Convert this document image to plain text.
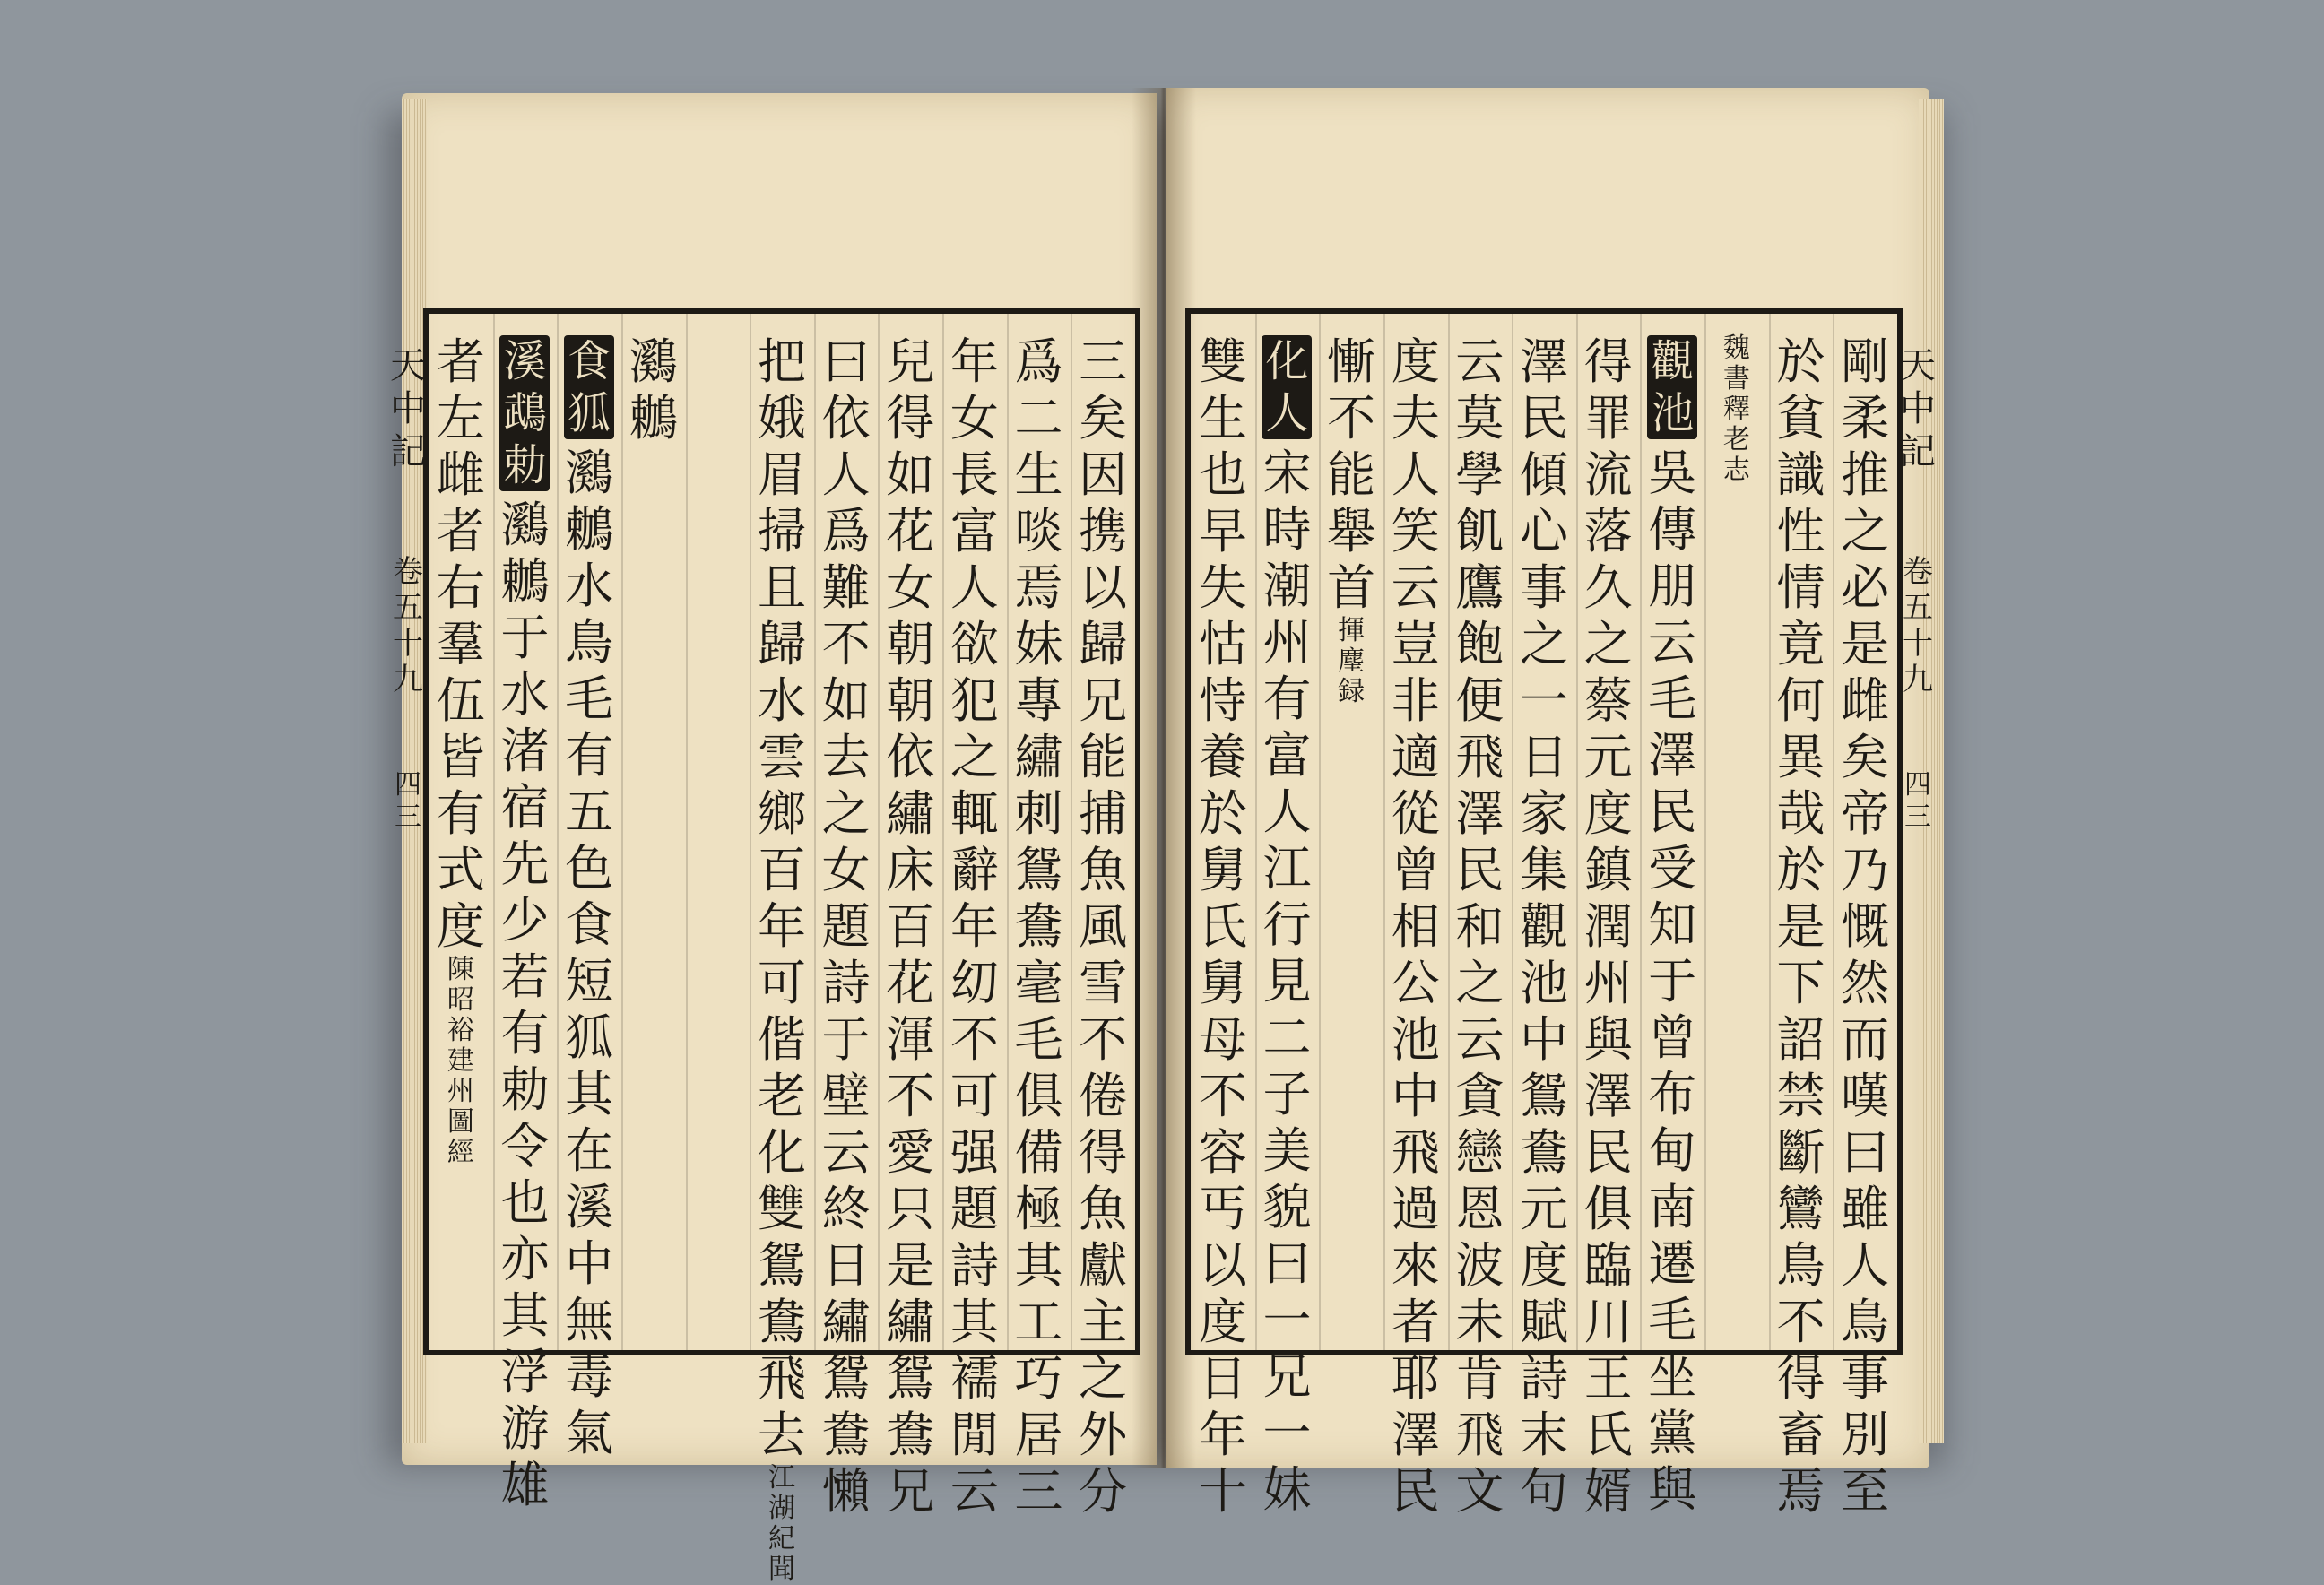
天
中
記
卷
五
十
九
四
三
三
矣
因
携
以
歸
兄
能
捕
魚
風
雪
不
倦
得
魚
獻
主
之
外
分
爲
二
生
啖
焉
妹
專
繡
刺
鴛
鴦
毫
毛
俱
備
極
其
工
巧
居
三
年
女
長
富
人
欲
犯
之
輒
辭
年
㓜
不
可
强
題
詩
其
襦
閒
云
兒
得
如
花
女
朝
朝
依
繡
床
百
花
渾
不
愛
只
是
繡
鴛
鴦
兄
曰
依
人
爲
難
不
如
去
之
女
題
詩
于
壁
云
終
日
繡
鴛
鴦
懶
把
娥
眉
掃
且
歸
水
雲
鄉
百
年
可
偕
老
化
雙
鴛
鴦
飛
去
江
湖
紀
聞
鸂
鶒
食
狐
鸂
鶒
水
鳥
毛
有
五
色
食
短
狐
其
在
溪
中
無
毒
氣
溪
鵡
勅
鸂
鶒
于
水
渚
宿
先
少
若
有
勅
令
也
亦
其
浮
游
雄
者
左
雌
者
右
羣
伍
皆
有
式
度
陳
昭
裕
建
州
圖
經
天
中
記
卷
五
十
九
四
三
剛
柔
推
之
必
是
雌
矣
帝
乃
慨
然
而
嘆
曰
雖
人
鳥
事
別
至
於
貧
識
性
情
竟
何
異
哉
於
是
下
詔
禁
斷
鸞
鳥
不
得
畜
焉
魏
書
釋
老
志
觀
池
吳
傳
朋
云
毛
澤
民
受
知
于
曾
布
甸
南
遷
毛
坐
黨
與
得
罪
流
落
久
之
蔡
元
度
鎮
潤
州
與
澤
民
俱
臨
川
王
氏
婿
澤
民
傾
心
事
之
一
日
家
集
觀
池
中
鴛
鴦
元
度
賦
詩
末
句
云
莫
學
飢
鷹
飽
便
飛
澤
民
和
之
云
貪
戀
恩
波
未
肯
飛
文
度
夫
人
笑
云
豈
非
適
從
曾
相
公
池
中
飛
過
來
者
耶
澤
民
慚
不
能
舉
首
揮
麈
録
化
人
宋
時
潮
州
有
富
人
江
行
見
二
子
美
貌
曰
一
兄
一
妹
雙
生
也
早
失
怙
恃
養
於
舅
氏
舅
母
不
容
丐
以
度
日
年
十
